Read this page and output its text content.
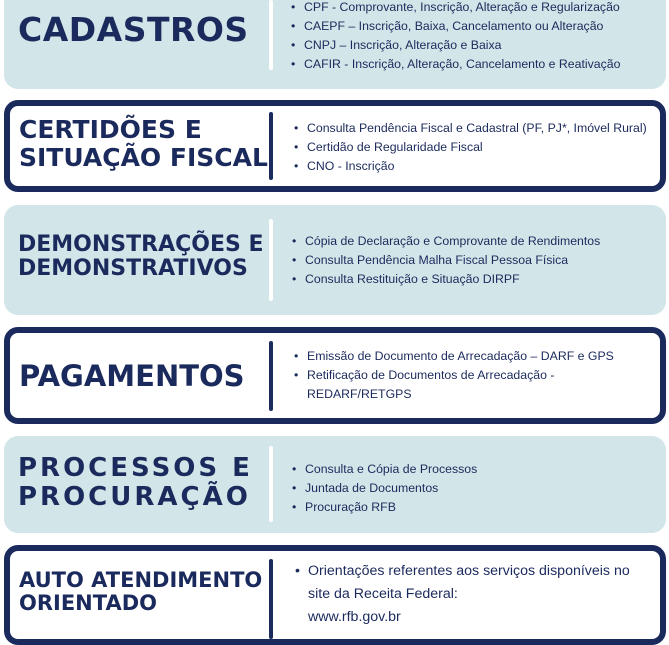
CADASTROS
• CPF - Comprovante, Inscrição, Alteração e Regularização
• CAEPF – Inscrição, Baixa, Cancelamento ou Alteração
• CNPJ – Inscrição, Alteração e Baixa
• CAFIR - Inscrição, Alteração, Cancelamento e Reativação
CERTIDÕES E
SITUAÇÃO FISCAL
• Consulta Pendência Fiscal e Cadastral (PF, PJ*, Imóvel Rural)
• Certidão de Regularidade Fiscal
• CNO - Inscrição
DEMONSTRAÇÕES E
DEMONSTRATIVOS
• Cópia de Declaração e Comprovante de Rendimentos
• Consulta Pendência Malha Fiscal Pessoa Física
• Consulta Restituição e Situação DIRPF
PAGAMENTOS
• Emissão de Documento de Arrecadação – DARF e GPS
• Retificação de Documentos de Arrecadação -
REDARF/RETGPS
PROCESSOS E
PROCURAÇÃO
• Consulta e Cópia de Processos
• Juntada de Documentos
• Procuração RFB
AUTO ATENDIMENTO
ORIENTADO
• Orientações referentes aos serviços disponíveis no site da Receita Federal:
www.rfb.gov.br
